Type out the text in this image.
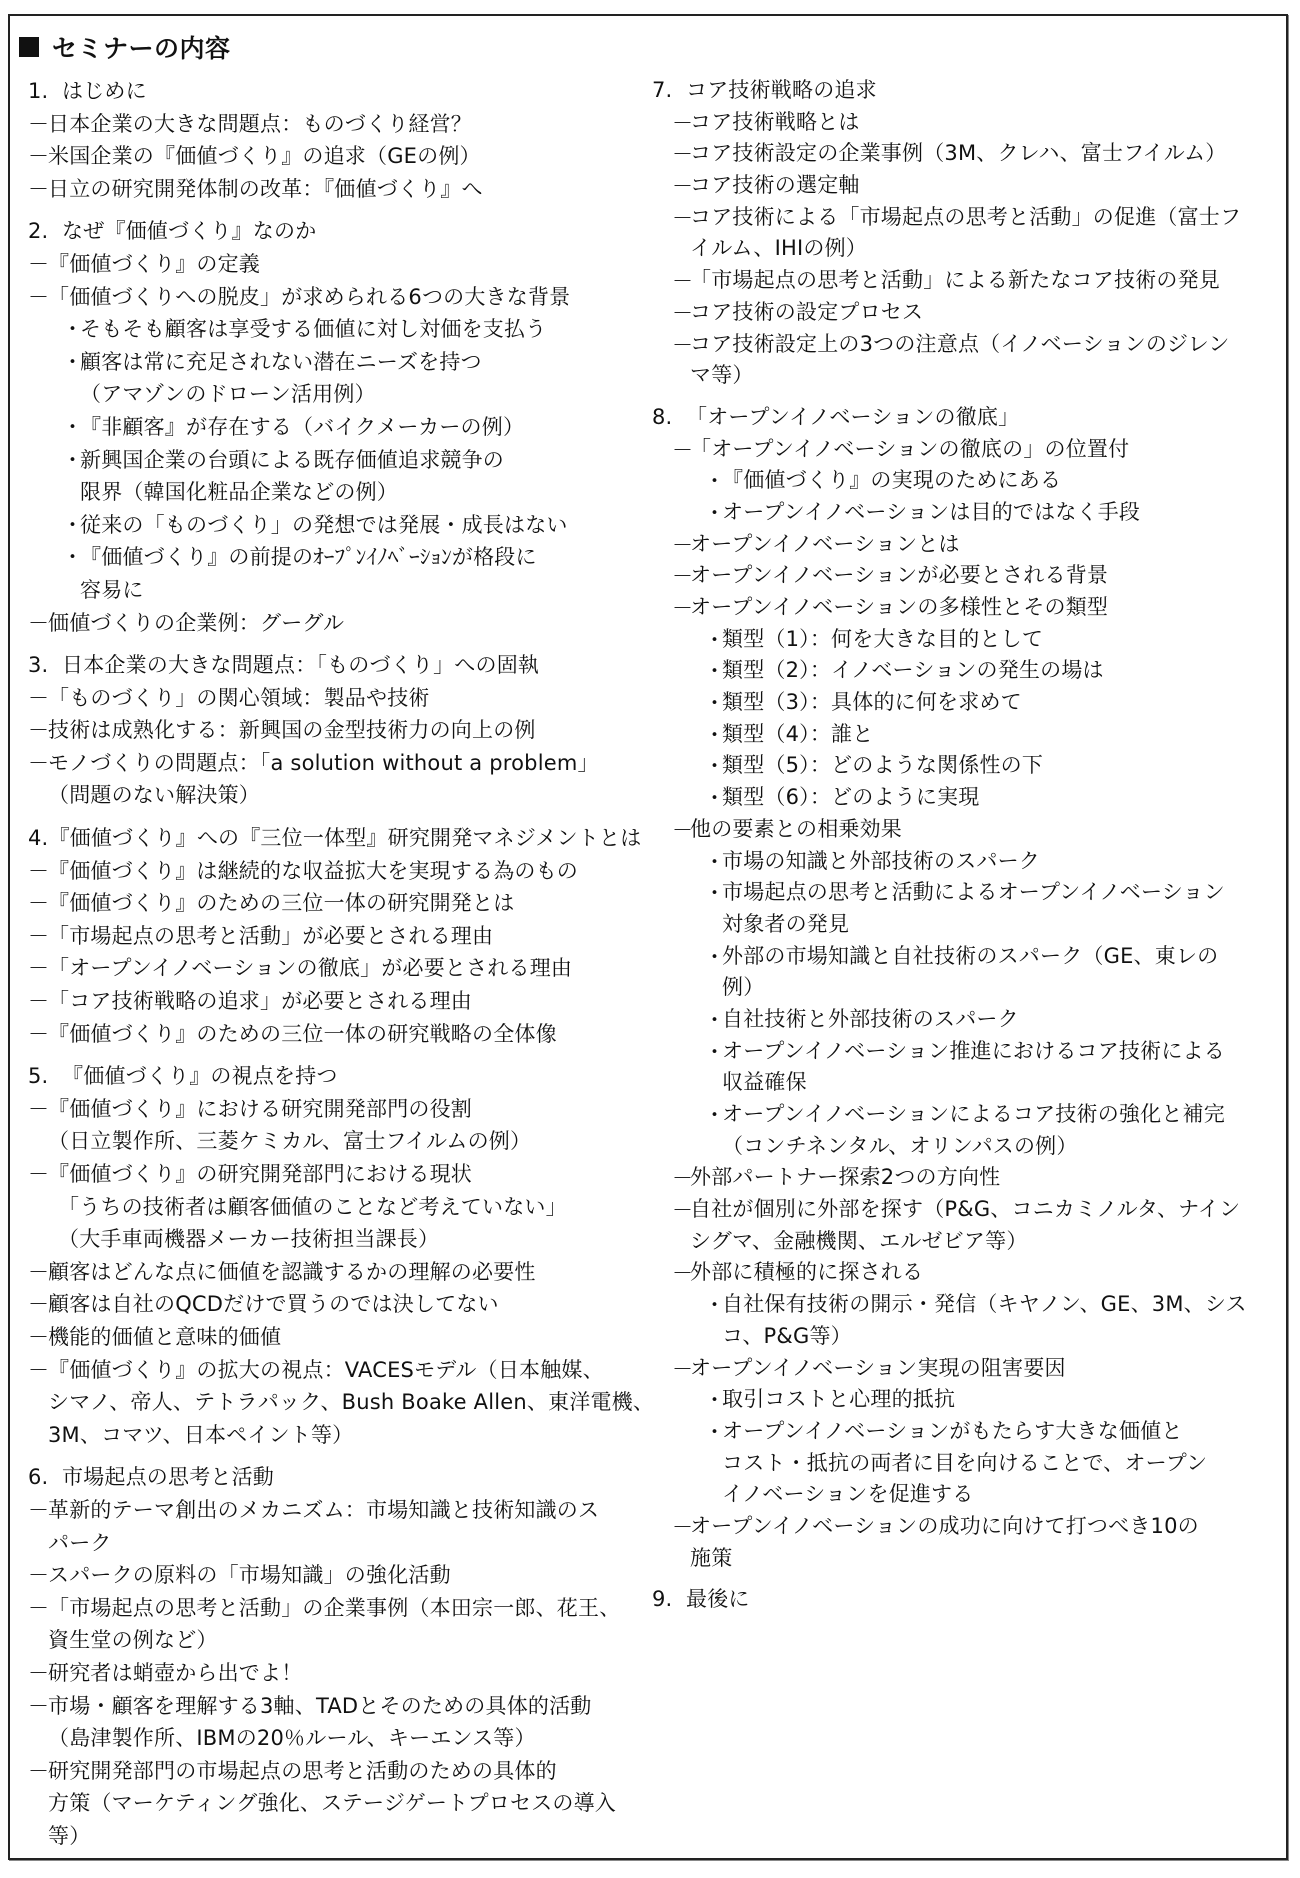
セミナーの内容
1. はじめに
－
日本企業の大きな問題点：ものづくり経営？
－
米国企業の『価値づくり』の追求（GEの例）
－
日立の研究開発体制の改革：『価値づくり』へ
2. なぜ『価値づくり』なのか
－
『価値づくり』の定義
－
「価値づくりへの脱皮」が求められる6つの大きな背景
・
そもそも顧客は享受する価値に対し対価を支払う
・
顧客は常に充足されない潜在ニーズを持つ
（アマゾンのドローン活用例）
・
『非顧客』が存在する（バイクメーカーの例）
・
新興国企業の台頭による既存価値追求競争の
限界（韓国化粧品企業などの例）
・
従来の「ものづくり」の発想では発展・成長はない
・
『価値づくり』の前提のｵｰﾌﾟﾝｲﾉﾍﾞｰｼｮﾝが格段に
容易に
－
価値づくりの企業例：グーグル
3. 日本企業の大きな問題点：「ものづくり」への固執
－
「ものづくり」の関心領域：製品や技術
－
技術は成熟化する：新興国の金型技術力の向上の例
－
モノづくりの問題点：「a solution without a problem」
（問題のない解決策）
4. 『価値づくり』への『三位一体型』研究開発マネジメントとは
－
『価値づくり』は継続的な収益拡大を実現する為のもの
－
『価値づくり』のための三位一体の研究開発とは
－
「市場起点の思考と活動」が必要とされる理由
－
「オープンイノベーションの徹底」が必要とされる理由
－
「コア技術戦略の追求」が必要とされる理由
－
『価値づくり』のための三位一体の研究戦略の全体像
5. 『価値づくり』の視点を持つ
－
『価値づくり』における研究開発部門の役割
（日立製作所、三菱ケミカル、富士フイルムの例）
－
『価値づくり』の研究開発部門における現状
「うちの技術者は顧客価値のことなど考えていない」
（大手車両機器メーカー技術担当課長）
－
顧客はどんな点に価値を認識するかの理解の必要性
－
顧客は自社のQCDだけで買うのでは決してない
－
機能的価値と意味的価値
－
『価値づくり』の拡大の視点：VACESモデル（日本触媒、
シマノ、帝人、テトラパック、Bush Boake Allen、東洋電機、
3M、コマツ、日本ペイント等）
6. 市場起点の思考と活動
－
革新的テーマ創出のメカニズム：市場知識と技術知識のス
パーク
－
スパークの原料の「市場知識」の強化活動
－
「市場起点の思考と活動」の企業事例（本田宗一郎、花王、
資生堂の例など）
－
研究者は蛸壺から出でよ！
－
市場・顧客を理解する3軸、TADとそのための具体的活動
（島津製作所、IBMの20％ルール、キーエンス等）
－
研究開発部門の市場起点の思考と活動のための具体的
方策（マーケティング強化、ステージゲートプロセスの導入
等）
7. コア技術戦略の追求
－
コア技術戦略とは
－
コア技術設定の企業事例（3M、クレハ、富士フイルム）
－
コア技術の選定軸
－
コア技術による「市場起点の思考と活動」の促進（富士フ
イルム、IHIの例）
－
「市場起点の思考と活動」による新たなコア技術の発見
－
コア技術の設定プロセス
－
コア技術設定上の3つの注意点（イノベーションのジレン
マ等）
8. 「オープンイノベーションの徹底」
－
「オープンイノベーションの徹底の」の位置付
・
『価値づくり』の実現のためにある
・
オープンイノベーションは目的ではなく手段
－
オープンイノベーションとは
－
オープンイノベーションが必要とされる背景
－
オープンイノベーションの多様性とその類型
・
類型（1）：何を大きな目的として
・
類型（2）：イノベーションの発生の場は
・
類型（3）：具体的に何を求めて
・
類型（4）：誰と
・
類型（5）：どのような関係性の下
・
類型（6）：どのように実現
－
他の要素との相乗効果
・
市場の知識と外部技術のスパーク
・
市場起点の思考と活動によるオープンイノベーション
対象者の発見
・
外部の市場知識と自社技術のスパーク（GE、東レの
例）
・
自社技術と外部技術のスパーク
・
オープンイノベーション推進におけるコア技術による
収益確保
・
オープンイノベーションによるコア技術の強化と補完
（コンチネンタル、オリンパスの例）
－
外部パートナー探索2つの方向性
－
自社が個別に外部を探す（P&G、コニカミノルタ、ナイン
シグマ、金融機関、エルゼビア等）
－
外部に積極的に探される
・
自社保有技術の開示・発信（キヤノン、GE、3M、シス
コ、P&G等）
－
オープンイノベーション実現の阻害要因
・
取引コストと心理的抵抗
・
オープンイノベーションがもたらす大きな価値と
コスト・抵抗の両者に目を向けることで、オープン
イノベーションを促進する
－
オープンイノベーションの成功に向けて打つべき10の
施策
9. 最後に
